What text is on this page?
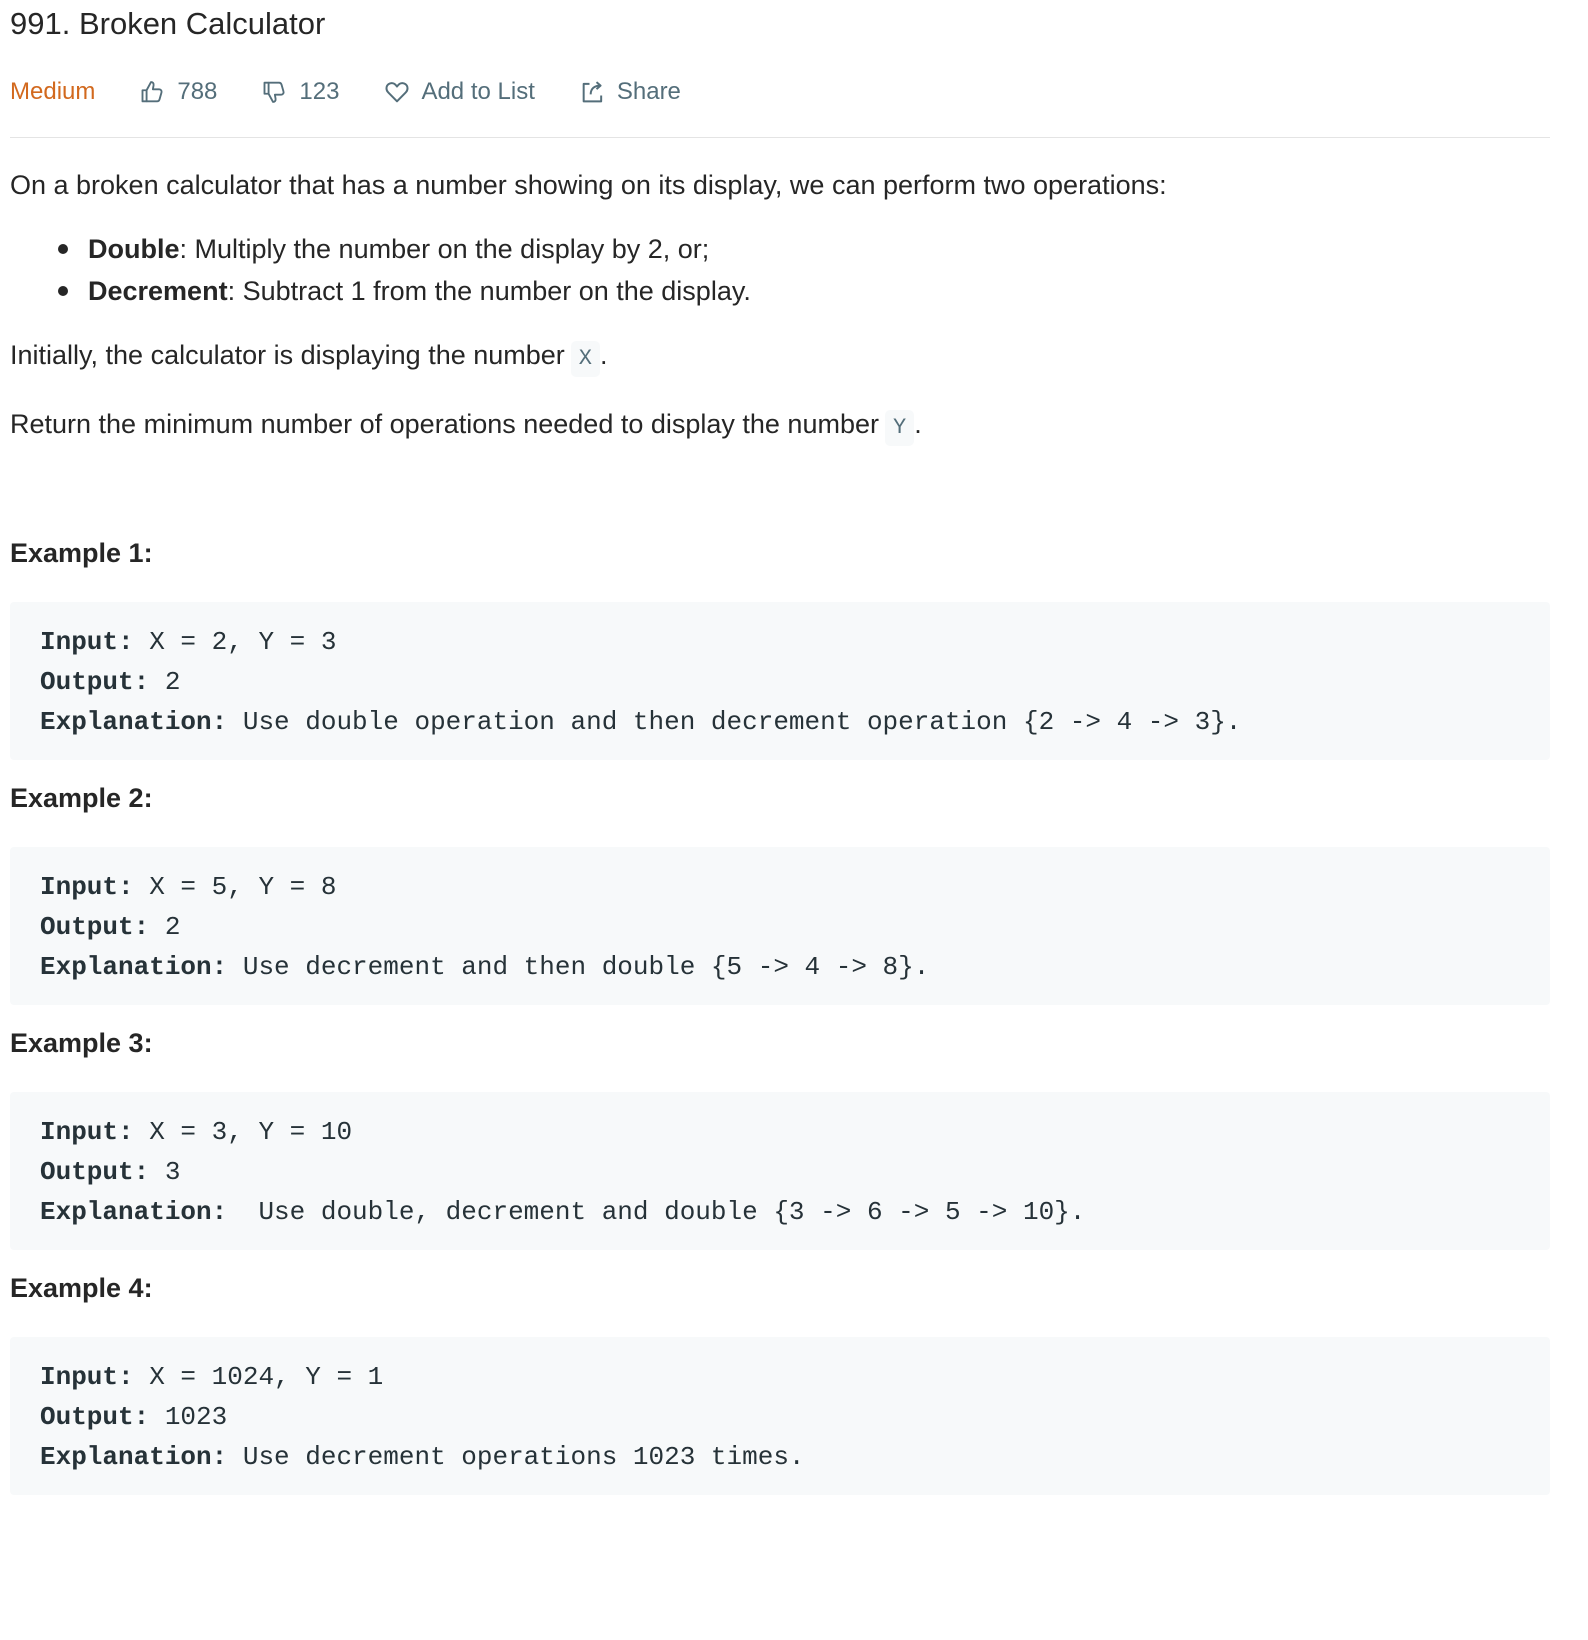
991. Broken Calculator
Medium	788	123	Add to List	Share

On a broken calculator that has a number showing on its display, we can perform two operations:

Double: Multiply the number on the display by 2, or;
Decrement: Subtract 1 from the number on the display.

Initially, the calculator is displaying the number X .

Return the minimum number of operations needed to display the number Y .

Example 1:
Input: X = 2, Y = 3
Output: 2
Explanation: Use double operation and then decrement operation {2 -> 4 -> 3}.
Example 2:
Input: X = 5, Y = 8
Output: 2
Explanation: Use decrement and then double {5 -> 4 -> 8}.
Example 3:
Input: X = 3, Y = 10
Output: 3
Explanation:  Use double, decrement and double {3 -> 6 -> 5 -> 10}.
Example 4:
Input: X = 1024, Y = 1
Output: 1023
Explanation: Use decrement operations 1023 times.
